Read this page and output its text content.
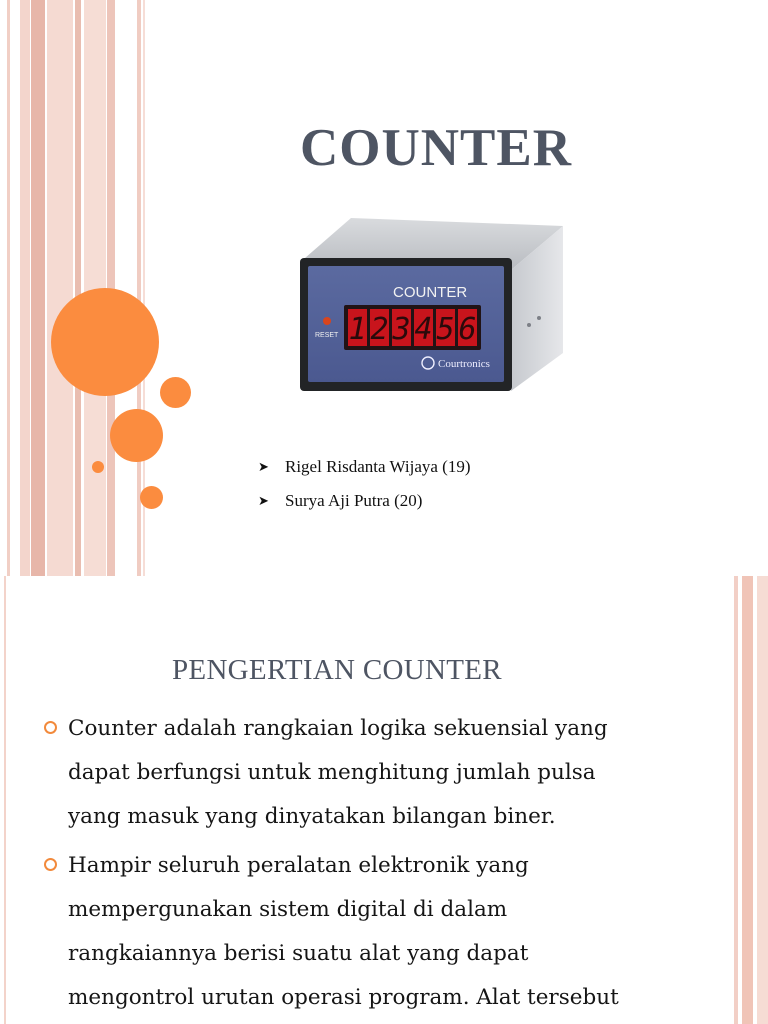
COUNTER
COUNTER
1 2 3 4 5 6
RESET
Courtronics
➤ Rigel Risdanta Wijaya (19)
➤ Surya Aji Putra (20)
PENGERTIAN COUNTER
Counter adalah rangkaian logika sekuensial yang
dapat berfungsi untuk menghitung jumlah pulsa
yang masuk yang dinyatakan bilangan biner.
Hampir seluruh peralatan elektronik yang
mempergunakan sistem digital di dalam
rangkaiannya berisi suatu alat yang dapat
mengontrol urutan operasi program. Alat tersebut
